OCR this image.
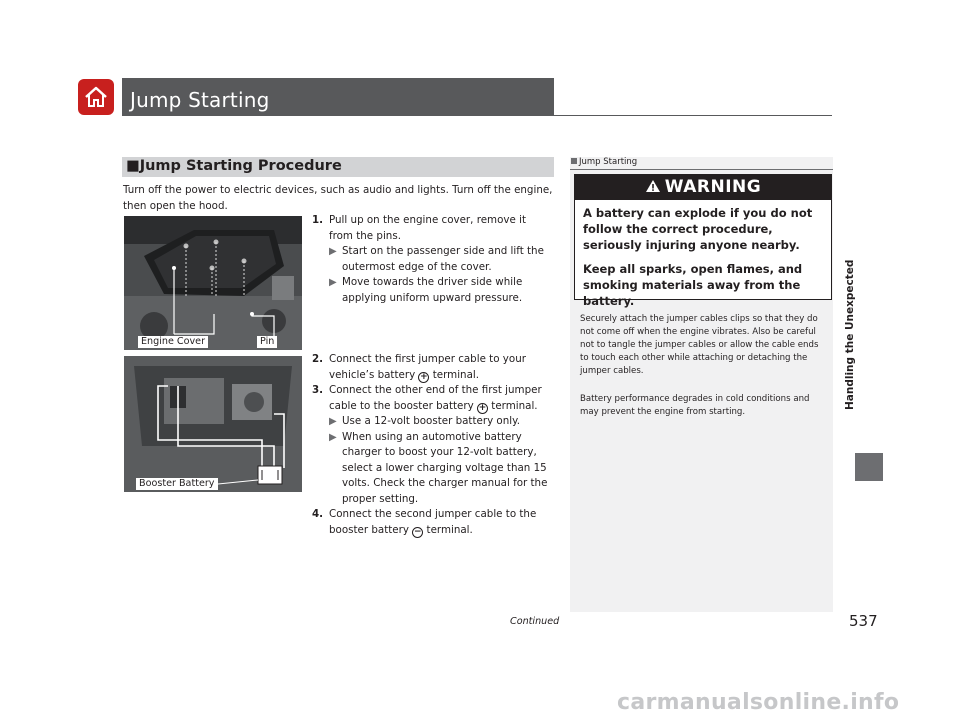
Jump Starting
■Jump Starting Procedure
Turn off the power to electric devices, such as audio and lights. Turn off the engine, then open the hood.
Engine Cover	Pin
Booster Battery
1. Pull up on the engine cover, remove it from the pins.
▶ Start on the passenger side and lift the outermost edge of the cover.
▶ Move towards the driver side while applying uniform upward pressure.
2. Connect the first jumper cable to your vehicle’s battery + terminal.
3. Connect the other end of the first jumper cable to the booster battery + terminal.
▶ Use a 12-volt booster battery only.
▶ When using an automotive battery charger to boost your 12-volt battery, select a lower charging voltage than 15 volts. Check the charger manual for the proper setting.
4. Connect the second jumper cable to the booster battery − terminal.
Jump Starting
WARNING

A battery can explode if you do not follow the correct procedure, seriously injuring anyone nearby.

Keep all sparks, open flames, and smoking materials away from the battery.

Securely attach the jumper cables clips so that they do not come off when the engine vibrates. Also be careful not to tangle the jumper cables or allow the cable ends to touch each other while attaching or detaching the jumper cables.
Battery performance degrades in cold conditions and may prevent the engine from starting.
Handling the Unexpected
Continued	537
carmanualsonline.info
